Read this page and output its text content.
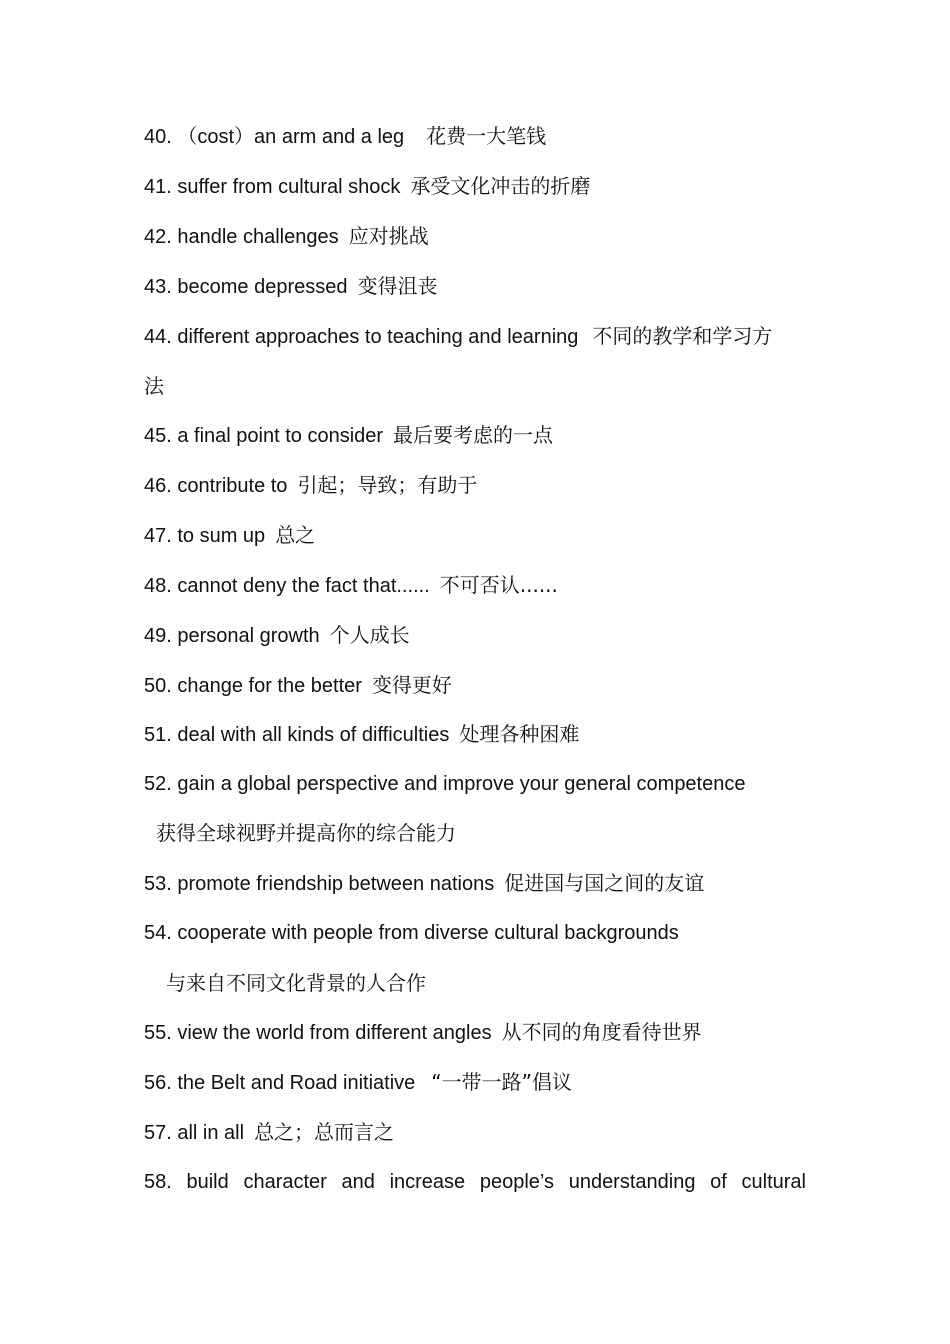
40. （cost）an arm and a leg 花费一大笔钱
41. suffer from cultural shock 承受文化冲击的折磨
42. handle challenges 应对挑战
43. become depressed 变得沮丧
44. different approaches to teaching and learning 不同的教学和学习方
法
45. a final point to consider 最后要考虑的一点
46. contribute to 引起；导致；有助于
47. to sum up 总之
48. cannot deny the fact that...... 不可否认......
49. personal growth 个人成长
50. change for the better 变得更好
51. deal with all kinds of difficulties 处理各种困难
52. gain a global perspective and improve your general competence
获得全球视野并提高你的综合能力
53. promote friendship between nations 促进国与国之间的友谊
54. cooperate with people from diverse cultural backgrounds
与来自不同文化背景的人合作
55. view the world from different angles 从不同的角度看待世界
56. the Belt and Road initiative “一带一路”倡议
57. all in all 总之；总而言之
58. build character and increase people’s understanding of cultural
